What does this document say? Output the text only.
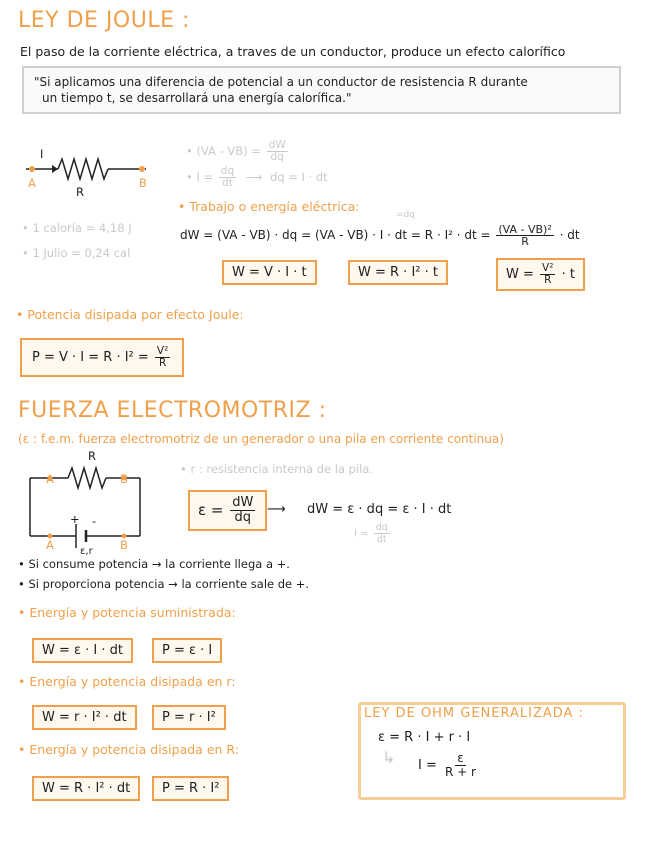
LEY DE JOULE :
El paso de la corriente eléctrica, a traves de un conductor, produce un efecto calorífico
"Si aplicamos una diferencia de potencial a un conductor de resistencia R durante
un tiempo t, se desarrollará una energía calorífica."
I
A	B
R
• $(VA - VB) = \frac{dW}{dq}$
• $I = \frac{dq}{dt}$ ⟶ dq = I · dt
• Trabajo o energía eléctrica:
=dq
• 1 caloría = 4,18 J
• 1 Julio = 0,24 cal
dW = (VA - VB) · dq = (VA - VB) · I · dt = R · I² · dt = $\frac{\text{(VA - VB)²}}{R}$ · dt
W = V · I · t	W = R · I² · t	$W = \frac{\text{V²}}{R} \cdot t$
• Potencia disipada por efecto Joule:
$P = V \cdot I = R \cdot I^2 = \frac{\text{V²}}{R}$
FUERZA ELECTROMOTRIZ :
(ε : f.e.m. fuerza electromotriz de un generador o una pila en corriente continua)
R
A	B
+ -
A	B
ε,r
• r : resistencia interna de la pila.
$\varepsilon = \frac{dW}{dq}$ ⟶ dW = ε · dq = ε · I · dt
$I = \frac{dq}{dt}$
• Si consume potencia → la corriente llega a +.
• Si proporciona potencia → la corriente sale de +.
• Energía y potencia suministrada:
W = ε · I · dt	P = ε · I
• Energía y potencia disipada en r:
W = r · I² · dt	P = r · I²
• Energía y potencia disipada en R:
W = R · I² · dt	P = R · I²
LEY DE OHM GENERALIZADA :
ε = R · I + r · I
↳ $I = \frac{\varepsilon}{R + r}$
